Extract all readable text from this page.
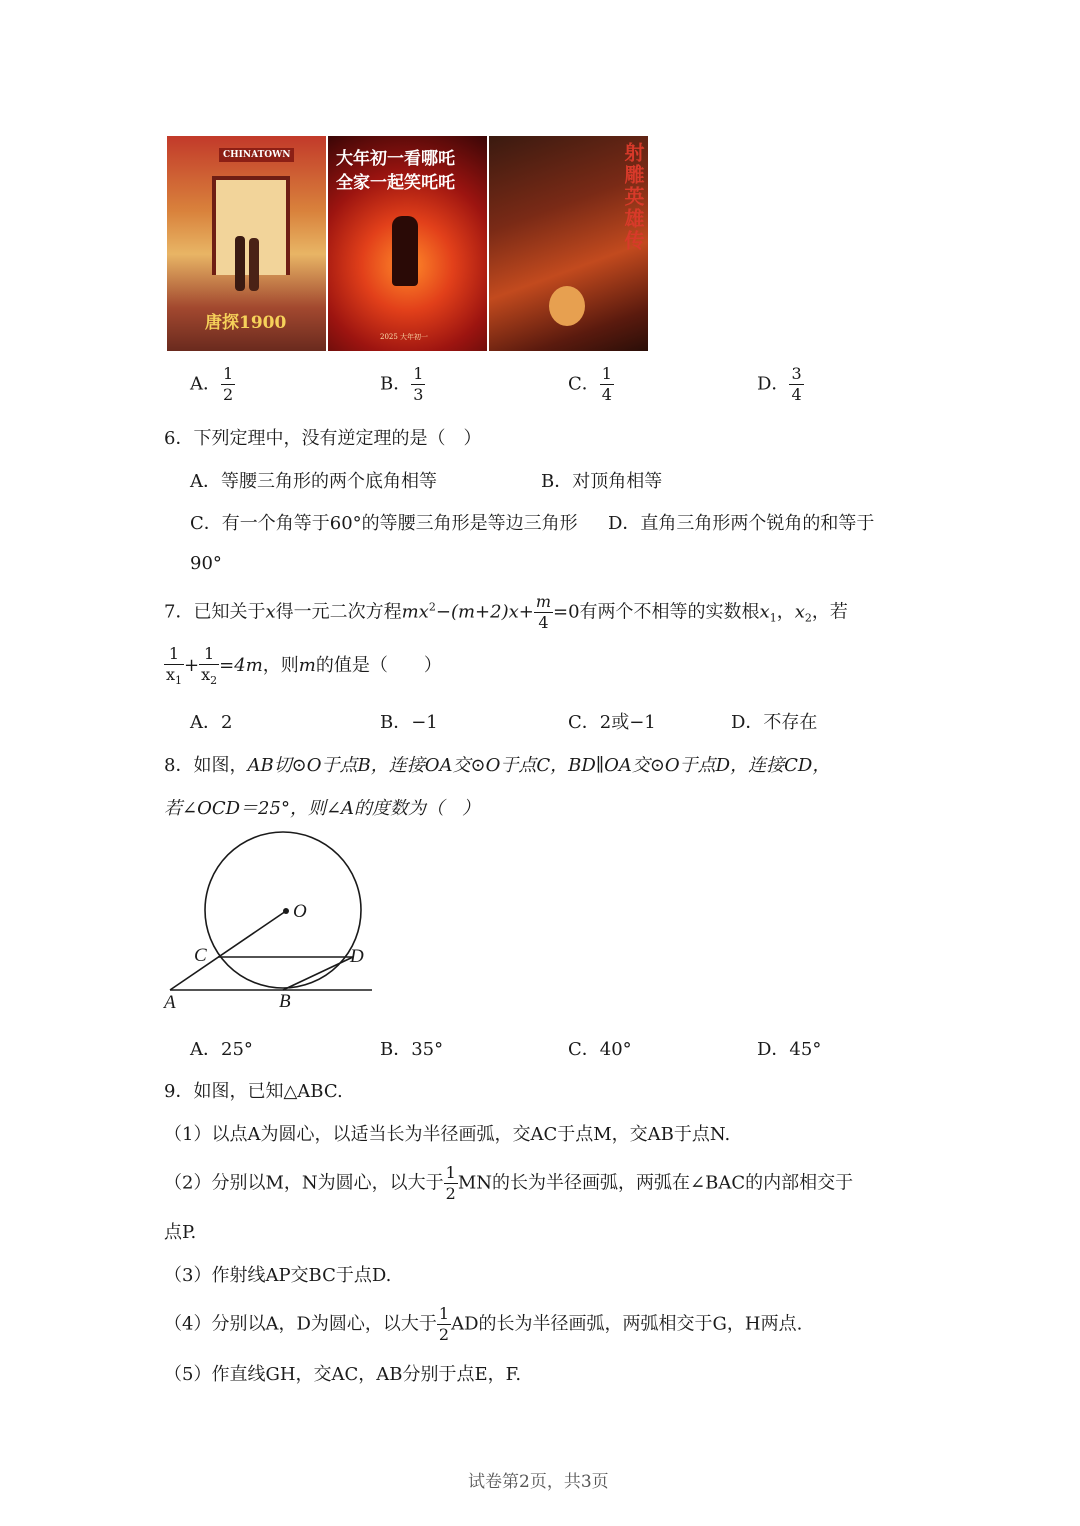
CHINATOWN
唐探1900
大年初一看哪吒
全家一起笑吒吒
2025 大年初一
射雕英雄传
A． $\frac{1}{2}$	B． $\frac{1}{3}$	C． $\frac{1}{4}$	D． $\frac{3}{4}$
6．下列定理中，没有逆定理的是（　）
A．等腰三角形的两个底角相等	B．对顶角相等
C．有一个角等于60°的等腰三角形是等边三角形 D．直角三角形两个锐角的和等于
90°
7．已知关于x得一元二次方程$mx^2-(m+2)x+ \frac{m}{4} =0$有两个不相等的实数根$x_1$，$x_2$，若
$\frac{1}{x_1} + \frac{1}{x_2} =4m$，则m的值是（　　）
A．2	B．−1	C．2或−1	D．不存在
8．如图，AB切⊙O于点B，连接OA交⊙O于点C，BD∥OA交⊙O于点D，连接CD，
若∠OCD＝25°，则∠A的度数为（　）
O
C	D
A	B
A．25°	B．35°	C．40°	D．45°
9．如图，已知△ABC.
（1）以点A为圆心，以适当长为半径画弧，交AC于点M，交AB于点N.
（2）分别以M，N为圆心，以大于 $\frac{1}{2}$ MN的长为半径画弧，两弧在∠BAC的内部相交于
点P.
（3）作射线AP交BC于点D.
（4）分别以A，D为圆心，以大于 $\frac{1}{2}$ AD的长为半径画弧，两弧相交于G，H两点.
（5）作直线GH，交AC，AB分别于点E，F.
试卷第2页，共3页
